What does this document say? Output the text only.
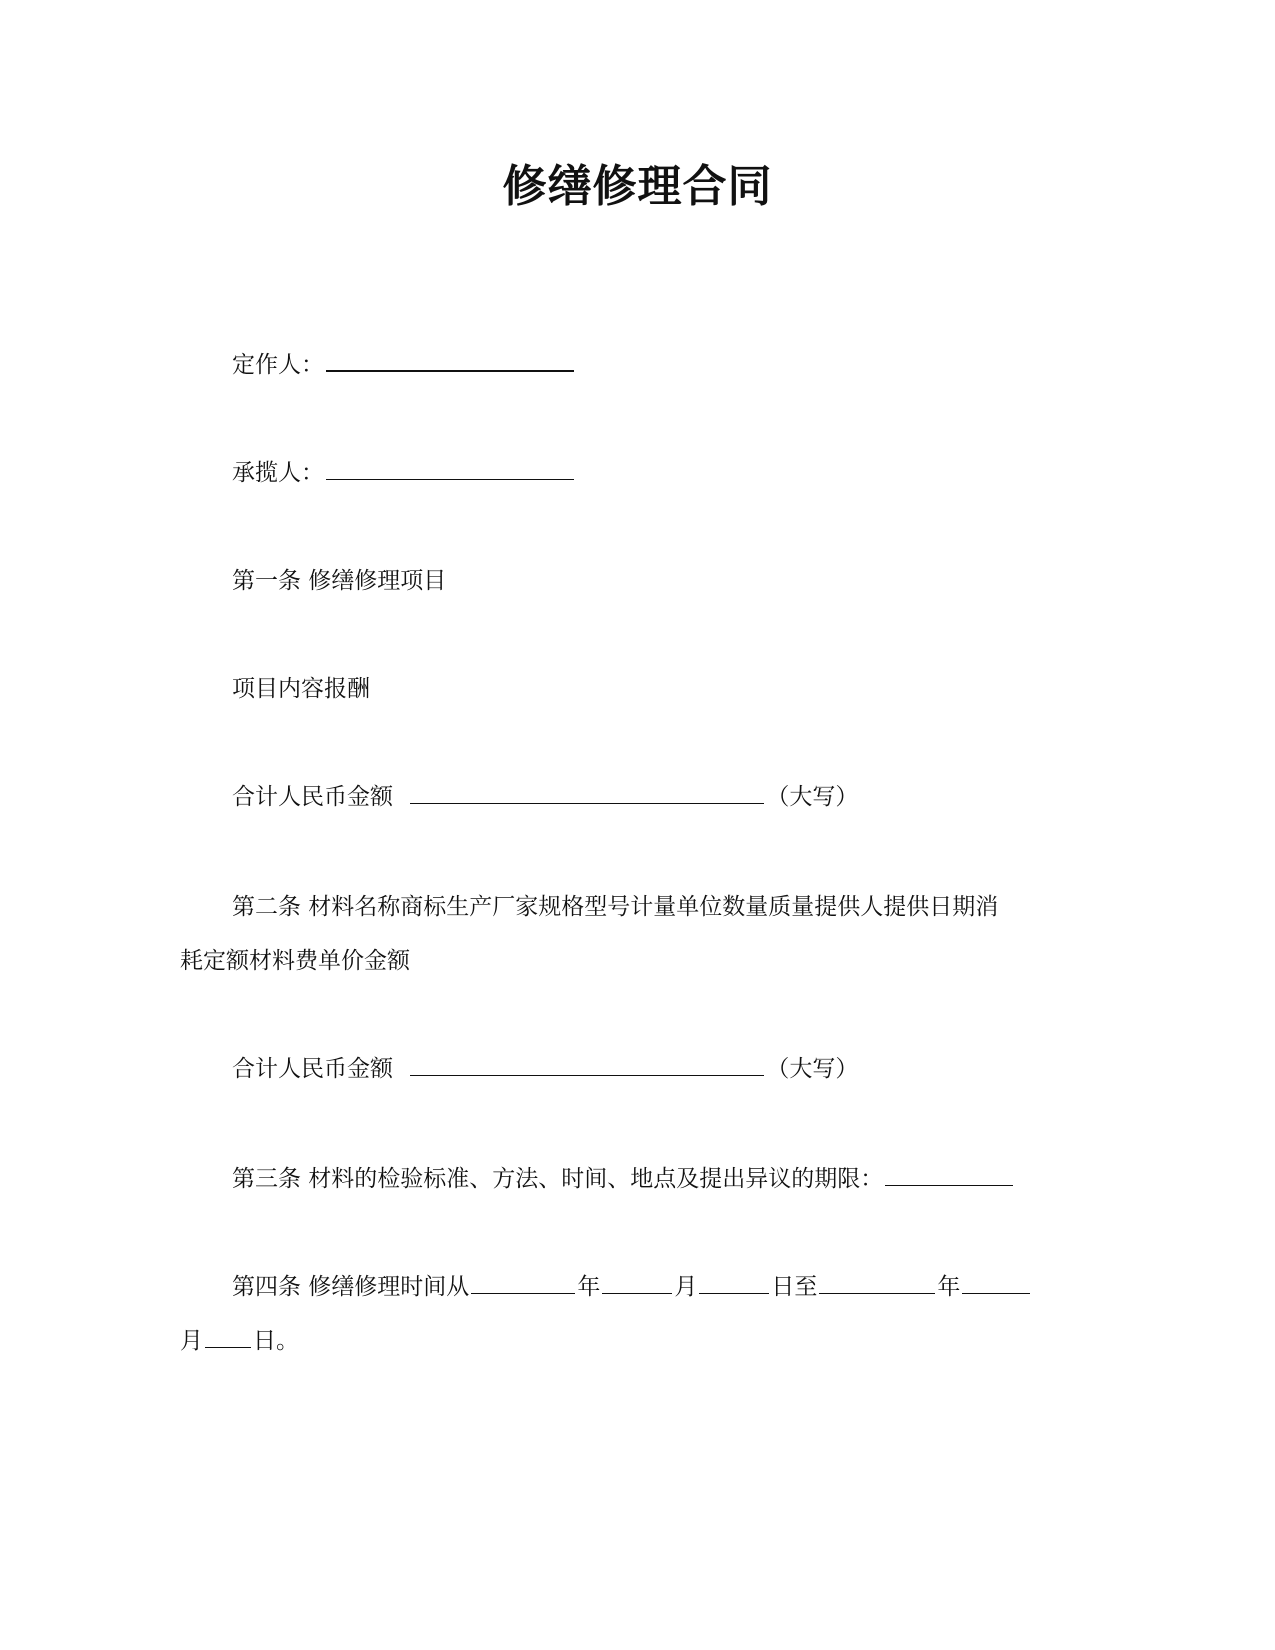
修缮修理合同
定作人：
承揽人：
第一条 修缮修理项目
项目内容报酬
合计人民币金额	（大写）
第二条 材料名称商标生产厂家规格型号计量单位数量质量提供人提供日期消
耗定额材料费单价金额
合计人民币金额	（大写）
第三条 材料的检验标准、方法、时间、地点及提出异议的期限：
第四条 修缮修理时间从	年	月	日至	年
月 日。
